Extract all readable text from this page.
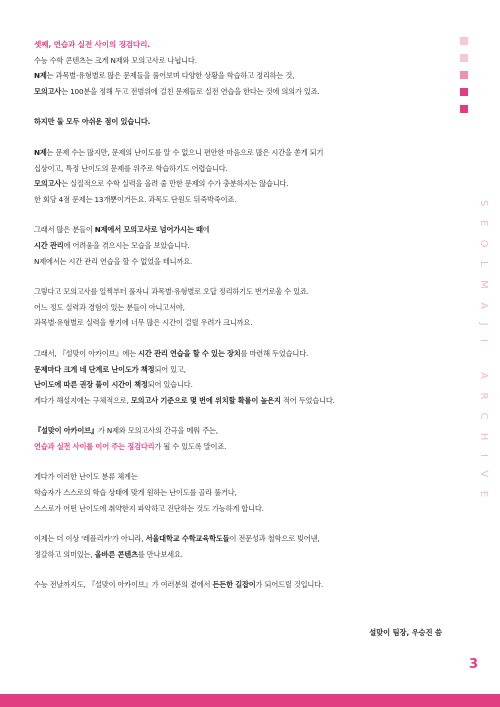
SEOLMAJI ARCHIVE
셋째, 연습과 실전 사이의 징검다리.
수능 수학 콘텐츠는 크게 N제와 모의고사로 나뉩니다.
N제는 과목별·유형별로 많은 문제들을 풀어보며 다양한 상황을 학습하고 정리하는 것,
모의고사는 100분을 정해 두고 전범위에 걸친 문제들로 실전 연습을 한다는 것에 의의가 있죠.
하지만 둘 모두 아쉬운 점이 있습니다.
N제는 문제 수는 많지만, 문제의 난이도를 알 수 없으니 편안한 마음으로 많은 시간을 쏟게 되기
십상이고, 특정 난이도의 문제를 위주로 학습하기도 어렵습니다.
모의고사는 실질적으로 수학 실력을 올려 줄 만한 문제의 수가 충분하지는 않습니다.
한 회당 4점 문제는 13개뿐이거든요. 과목도 단원도 뒤죽박죽이죠.
그래서 많은 분들이 N제에서 모의고사로 넘어가시는 때에
시간 관리에 어려움을 겪으시는 모습을 보았습니다.
N제에서는 시간 관리 연습을 할 수 없었을 테니까요.
그렇다고 모의고사를 일찍부터 풀자니 과목별·유형별로 오답 정리하기도 번거로울 수 있죠.
어느 정도 실력과 경험이 있는 분들이 아니고서야,
과목별·유형별로 실력을 쌓기에 너무 많은 시간이 걸릴 우려가 크니까요.
그래서, 『설맞이 아카이브』에는 시간 관리 연습을 할 수 있는 장치를 마련해 두었습니다.
문제마다 크게 네 단계로 난이도가 책정되어 있고,
난이도에 따른 권장 풀이 시간이 책정되어 있습니다.
게다가 해설지에는 구체적으로, 모의고사 기준으로 몇 번에 위치할 확률이 높은지 적어 두었습니다.
『설맞이 아카이브』가 N제와 모의고사의 간극을 메워 주는,
연습과 실전 사이를 이어 주는 징검다리가 될 수 있도록 말이죠.
게다가 이러한 난이도 분류 체계는
학습자가 스스로의 학습 상태에 맞게 원하는 난이도를 골라 풀거나,
스스로가 어떤 난이도에 취약한지 파악하고 진단하는 것도 가능하게 합니다.
이제는 더 이상 '레플리카'가 아니라, 서울대학교 수학교육학도들이 전문성과 철학으로 빚어낸,
정갈하고 의미있는, 올바른 콘텐츠를 만나보세요.
수능 전날까지도, 『설맞이 아카이브』가 여러분의 곁에서 든든한 길잡이가 되어드릴 것입니다.
설맞이 팀장, 우승진 씀
3
